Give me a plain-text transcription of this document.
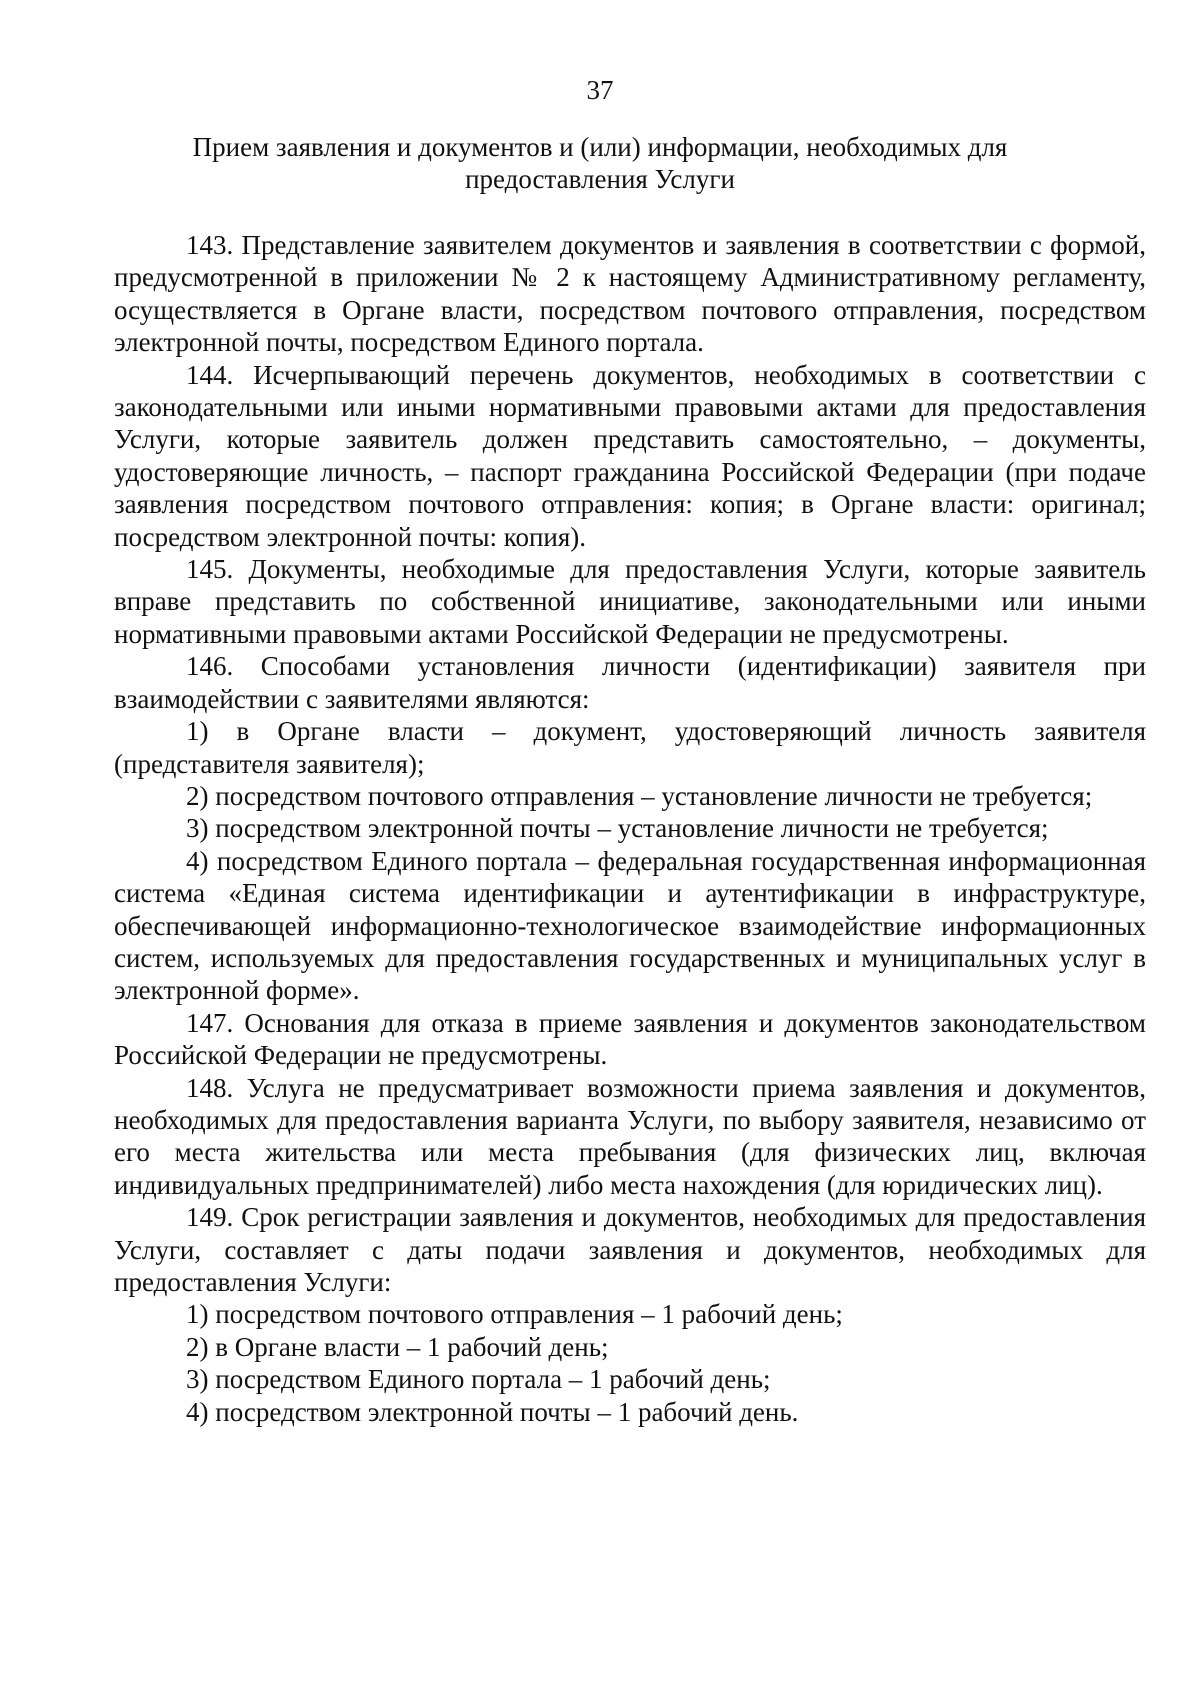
37
Прием заявления и документов и (или) информации, необходимых для предоставления Услуги

143. Представление заявителем документов и заявления в соответствии с формой, предусмотренной в приложении № 2 к настоящему Административному регламенту, осуществляется в Органе власти, посредством почтового отправления, посредством электронной почты, посредством Единого портала.

144. Исчерпывающий перечень документов, необходимых в соответствии с законодательными или иными нормативными правовыми актами для предоставления Услуги, которые заявитель должен представить самостоятельно, – документы, удостоверяющие личность, – паспорт гражданина Российской Федерации (при подаче заявления посредством почтового отправления: копия; в Органе власти: оригинал; посредством электронной почты: копия).

145. Документы, необходимые для предоставления Услуги, которые заявитель вправе представить по собственной инициативе, законодательными или иными нормативными правовыми актами Российской Федерации не предусмотрены.

146. Способами установления личности (идентификации) заявителя при взаимодействии с заявителями являются:

1) в Органе власти – документ, удостоверяющий личность заявителя (представителя заявителя);

2) посредством почтового отправления – установление личности не требуется;

3) посредством электронной почты – установление личности не требуется;

4) посредством Единого портала – федеральная государственная информационная система «Единая система идентификации и аутентификации в инфраструктуре, обеспечивающей информационно-технологическое взаимодействие информационных систем, используемых для предоставления государственных и муниципальных услуг в электронной форме».

147. Основания для отказа в приеме заявления и документов законодательством Российской Федерации не предусмотрены.

148. Услуга не предусматривает возможности приема заявления и документов, необходимых для предоставления варианта Услуги, по выбору заявителя, независимо от его места жительства или места пребывания (для физических лиц, включая индивидуальных предпринимателей) либо места нахождения (для юридических лиц).

149. Срок регистрации заявления и документов, необходимых для предоставления Услуги, составляет с даты подачи заявления и документов, необходимых для предоставления Услуги:

1) посредством почтового отправления – 1 рабочий день;

2) в Органе власти – 1 рабочий день;

3) посредством Единого портала – 1 рабочий день;

4) посредством электронной почты – 1 рабочий день.
